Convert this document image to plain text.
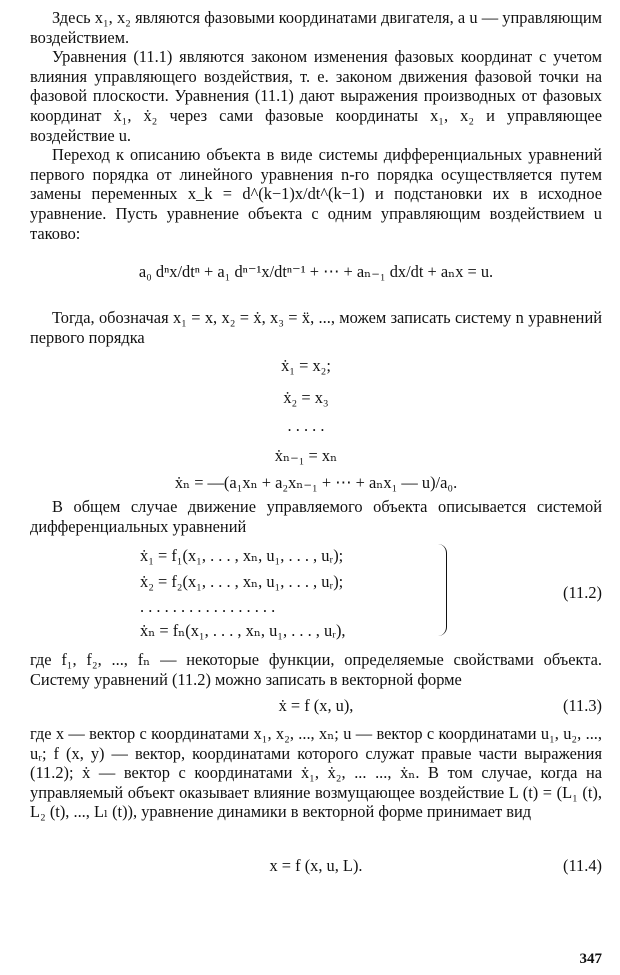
Здесь x₁, x₂ являются фазовыми координатами двигателя, а u — управляющим воздействием.

Уравнения (11.1) являются законом изменения фазовых координат с учетом влияния управляющего воздействия, т. е. законом движения фазовой точки на фазовой плоскости. Уравнения (11.1) дают выражения производных от фазовых координат ẋ₁, ẋ₂ через сами фазовые координаты x₁, x₂ и управляющее воздействие u.

Переход к описанию объекта в виде системы дифференциальных уравнений первого порядка от линейного уравнения n-го порядка осуществляется путем замены переменных x_k = d^(k−1)x/dt^(k−1) и подстановки их в исходное уравнение. Пусть уравнение объекта с одним управляющим воздействием u таково:

a₀ dⁿx/dtⁿ + a₁ dⁿ⁻¹x/dtⁿ⁻¹ + ⋯ + aₙ₋₁ dx/dt + aₙx = u.

Тогда, обозначая x₁ = x, x₂ = ẋ, x₃ = ẍ, ..., можем записать систему n уравнений первого порядка

ẋ₁ = x₂;
ẋ₂ = x₃
. . . . .
ẋₙ₋₁ = xₙ
ẋₙ = —(a₁xₙ + a₂xₙ₋₁ + ⋯ + aₙx₁ — u)/a₀.

В общем случае движение управляемого объекта описывается системой дифференциальных уравнений

ẋ₁ = f₁(x₁, . . . , xₙ, u₁, . . . , uᵣ);
ẋ₂ = f₂(x₁, . . . , xₙ, u₁, . . . , uᵣ);
. . . . . . . . . . . . . . . . .
ẋₙ = fₙ(x₁, . . . , xₙ, u₁, . . . , uᵣ),
(11.2)

где f₁, f₂, ..., fₙ — некоторые функции, определяемые свойствами объекта. Систему уравнений (11.2) можно записать в векторной форме

ẋ = f (x, u),	(11.3)

где x — вектор с координатами x₁, x₂, ..., xₙ; u — вектор с координатами u₁, u₂, ..., uᵣ; f (x, y) — вектор, координатами которого служат правые части выражения (11.2); ẋ — вектор с координатами ẋ₁, ẋ₂, ... ..., ẋₙ. В том случае, когда на управляемый объект оказывает влияние возмущающее воздействие L (t) = (L₁ (t), L₂ (t), ..., Lₗ (t)), уравнение динамики в векторной форме принимает вид

x = f (x, u, L).	(11.4)
347
